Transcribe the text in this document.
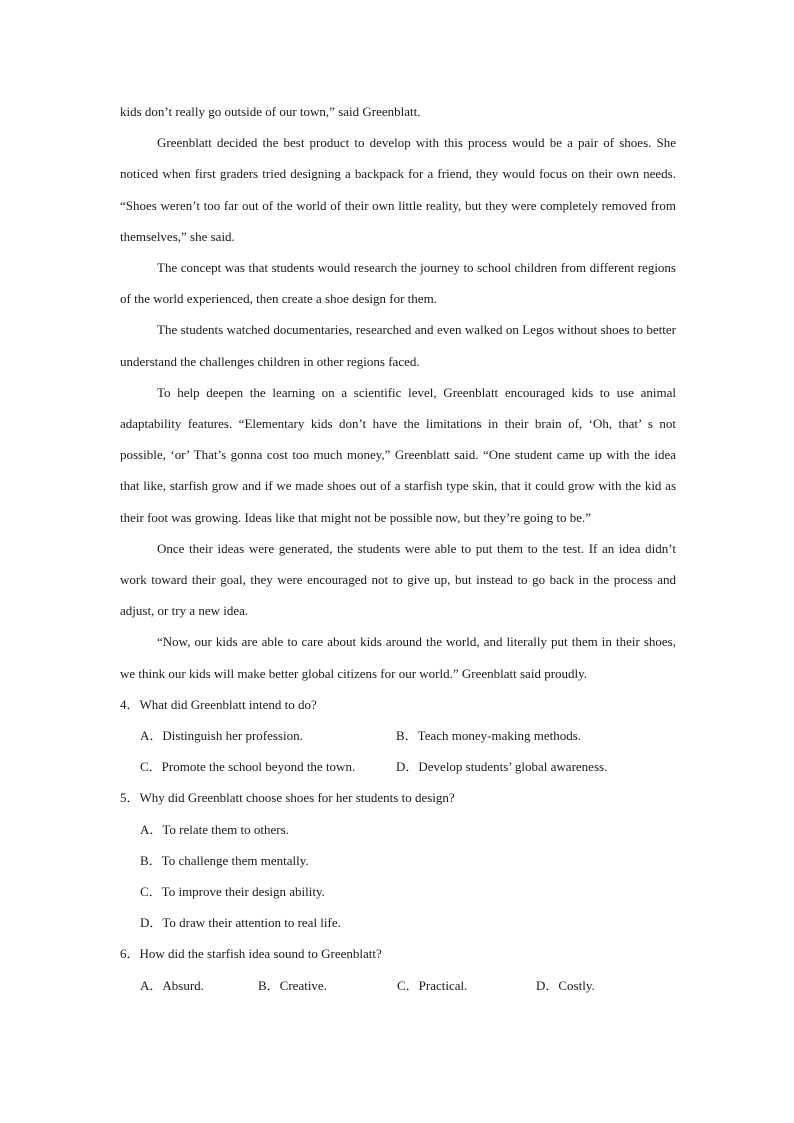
kids don’t really go outside of our town,” said Greenblatt.

Greenblatt decided the best product to develop with this process would be a pair of shoes. She noticed when first graders tried designing a backpack for a friend, they would focus on their own needs. “Shoes weren’t too far out of the world of their own little reality, but they were completely removed from themselves,” she said.

The concept was that students would research the journey to school children from different regions of the world experienced, then create a shoe design for them.

The students watched documentaries, researched and even walked on Legos without shoes to better understand the challenges children in other regions faced.

To help deepen the learning on a scientific level, Greenblatt encouraged kids to use animal adaptability features. “Elementary kids don’t have the limitations in their brain of, ‘Oh, that’ s not possible, ‘or’ That’s gonna cost too much money,” Greenblatt said. “One student came up with the idea that like, starfish grow and if we made shoes out of a starfish type skin, that it could grow with the kid as their foot was growing. Ideas like that might not be possible now, but they’re going to be.”

Once their ideas were generated, the students were able to put them to the test. If an idea didn’t work toward their goal, they were encouraged not to give up, but instead to go back in the process and adjust, or try a new idea.

“Now, our kids are able to care about kids around the world, and literally put them in their shoes, we think our kids will make better global citizens for our world.” Greenblatt said proudly.

4．What did Greenblatt intend to do?

A．Distinguish her profession.	B．Teach money-making methods.
C．Promote the school beyond the town.	D．Develop students’ global awareness.

5．Why did Greenblatt choose shoes for her students to design?

A．To relate them to others.
B．To challenge them mentally.
C．To improve their design ability.
D．To draw their attention to real life.

6．How did the starfish idea sound to Greenblatt?

A．Absurd.	B．Creative.	C．Practical.	D．Costly.
